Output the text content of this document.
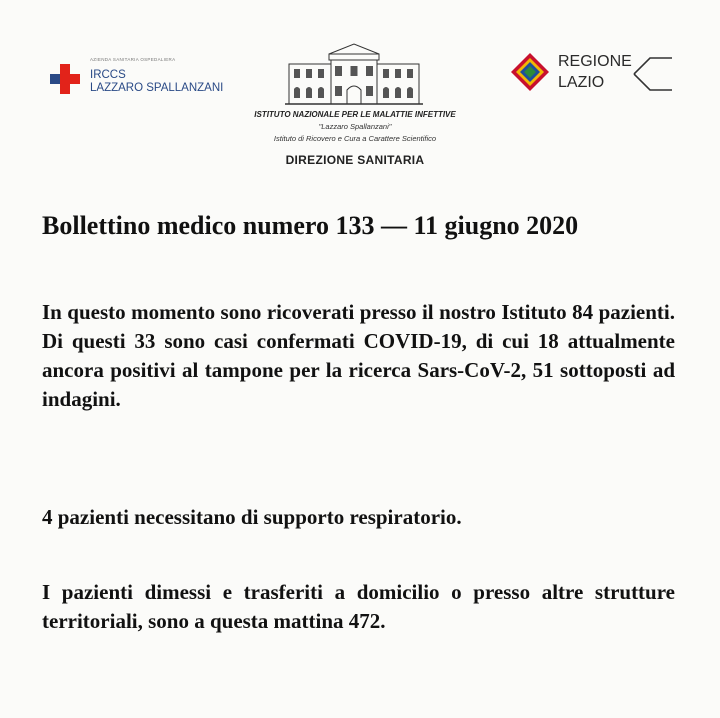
AZIENDA SANITARIA OSPEDALIERA
IRCCS
LAZZARO SPALLANZANI
ISTITUTO NAZIONALE PER LE MALATTIE INFETTIVE
"Lazzaro Spallanzani"
Istituto di Ricovero e Cura a Carattere Scientifico
DIREZIONE SANITARIA
REGIONE
LAZIO
Bollettino medico numero 133 — 11 giugno 2020
In questo momento sono ricoverati presso il nostro Istituto 84 pazienti. Di questi 33 sono casi confermati COVID-19, di cui 18 attualmente ancora positivi al tampone per la ricerca Sars-CoV-2, 51 sottoposti ad indagini.
4 pazienti necessitano di supporto respiratorio.
I pazienti dimessi e trasferiti a domicilio o presso altre strutture territoriali, sono a questa mattina 472.
